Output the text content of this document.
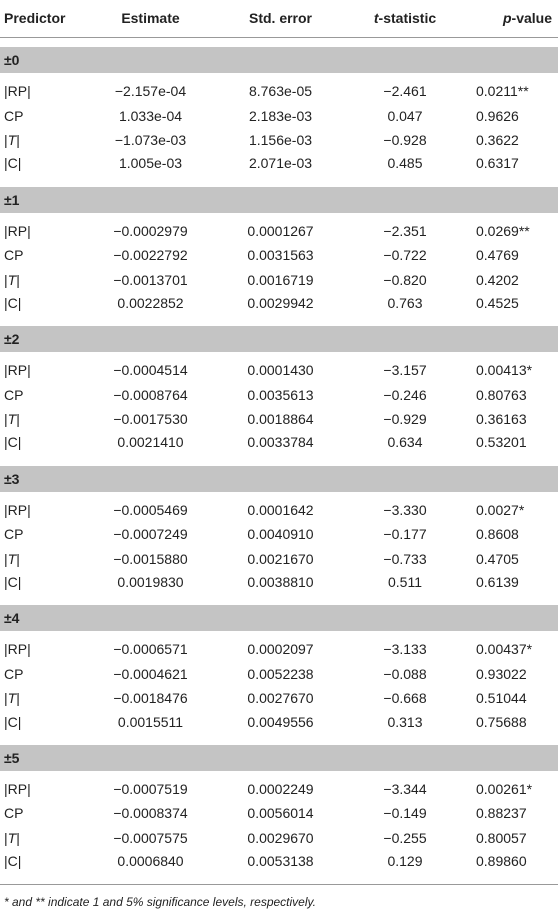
Predictor	Estimate	Std. error	t-statistic	p-value

±0				

|RP|	−2.157e-04	8.763e-05	−2.461	0.0211**
CP	1.033e-04	2.183e-03	0.047	0.9626
|T|	−1.073e-03	1.156e-03	−0.928	0.3622
|C|	1.005e-03	2.071e-03	0.485	0.6317

±1				

|RP|	−0.0002979	0.0001267	−2.351	0.0269**
CP	−0.0022792	0.0031563	−0.722	0.4769
|T|	−0.0013701	0.0016719	−0.820	0.4202
|C|	0.0022852	0.0029942	0.763	0.4525

±2				

|RP|	−0.0004514	0.0001430	−3.157	0.00413*
CP	−0.0008764	0.0035613	−0.246	0.80763
|T|	−0.0017530	0.0018864	−0.929	0.36163
|C|	0.0021410	0.0033784	0.634	0.53201

±3				

|RP|	−0.0005469	0.0001642	−3.330	0.0027*
CP	−0.0007249	0.0040910	−0.177	0.8608
|T|	−0.0015880	0.0021670	−0.733	0.4705
|C|	0.0019830	0.0038810	0.511	0.6139

±4				

|RP|	−0.0006571	0.0002097	−3.133	0.00437*
CP	−0.0004621	0.0052238	−0.088	0.93022
|T|	−0.0018476	0.0027670	−0.668	0.51044
|C|	0.0015511	0.0049556	0.313	0.75688

±5				

|RP|	−0.0007519	0.0002249	−3.344	0.00261*
CP	−0.0008374	0.0056014	−0.149	0.88237
|T|	−0.0007575	0.0029670	−0.255	0.80057
|C|	0.0006840	0.0053138	0.129	0.89860
* and ** indicate 1 and 5% significance levels, respectively.
